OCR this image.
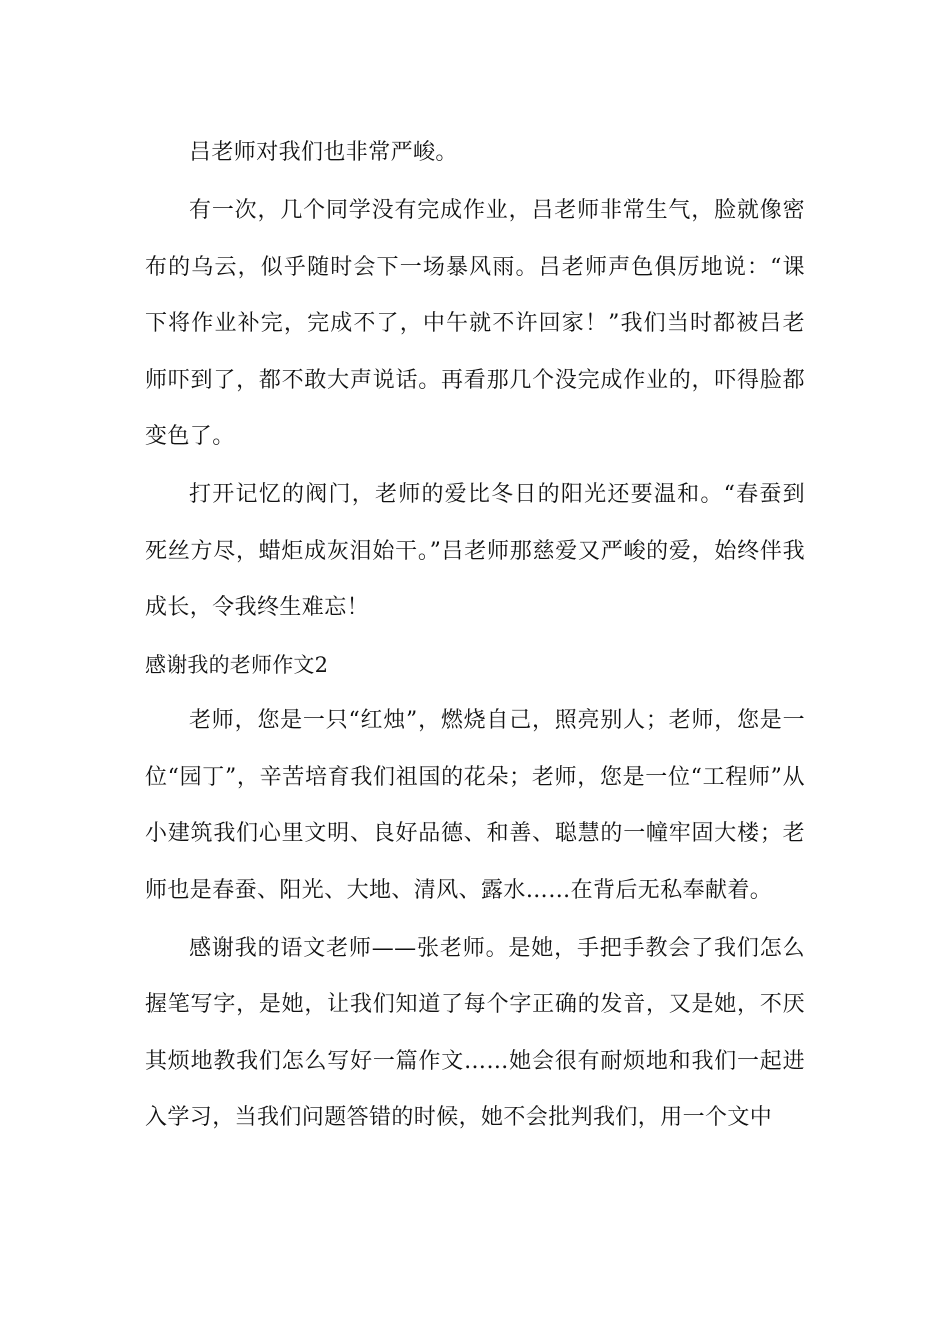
吕老师对我们也非常严峻。

有一次，几个同学没有完成作业，吕老师非常生气，脸就像密布的乌云，似乎随时会下一场暴风雨。吕老师声色俱厉地说：“课下将作业补完，完成不了，中午就不许回家！”我们当时都被吕老师吓到了，都不敢大声说话。再看那几个没完成作业的，吓得脸都变色了。

打开记忆的阀门，老师的爱比冬日的阳光还要温和。“春蚕到死丝方尽，蜡炬成灰泪始干。”吕老师那慈爱又严峻的爱，始终伴我成长，令我终生难忘！

感谢我的老师作文2

老师，您是一只“红烛”，燃烧自己，照亮别人；老师，您是一位“园丁”，辛苦培育我们祖国的花朵；老师，您是一位“工程师”从小建筑我们心里文明、良好品德、和善、聪慧的一幢牢固大楼；老师也是春蚕、阳光、大地、清风、露水……在背后无私奉献着。

感谢我的语文老师——张老师。是她，手把手教会了我们怎么握笔写字，是她，让我们知道了每个字正确的发音，又是她，不厌其烦地教我们怎么写好一篇作文……她会很有耐烦地和我们一起进入学习，当我们问题答错的时候，她不会批判我们，用一个文中
